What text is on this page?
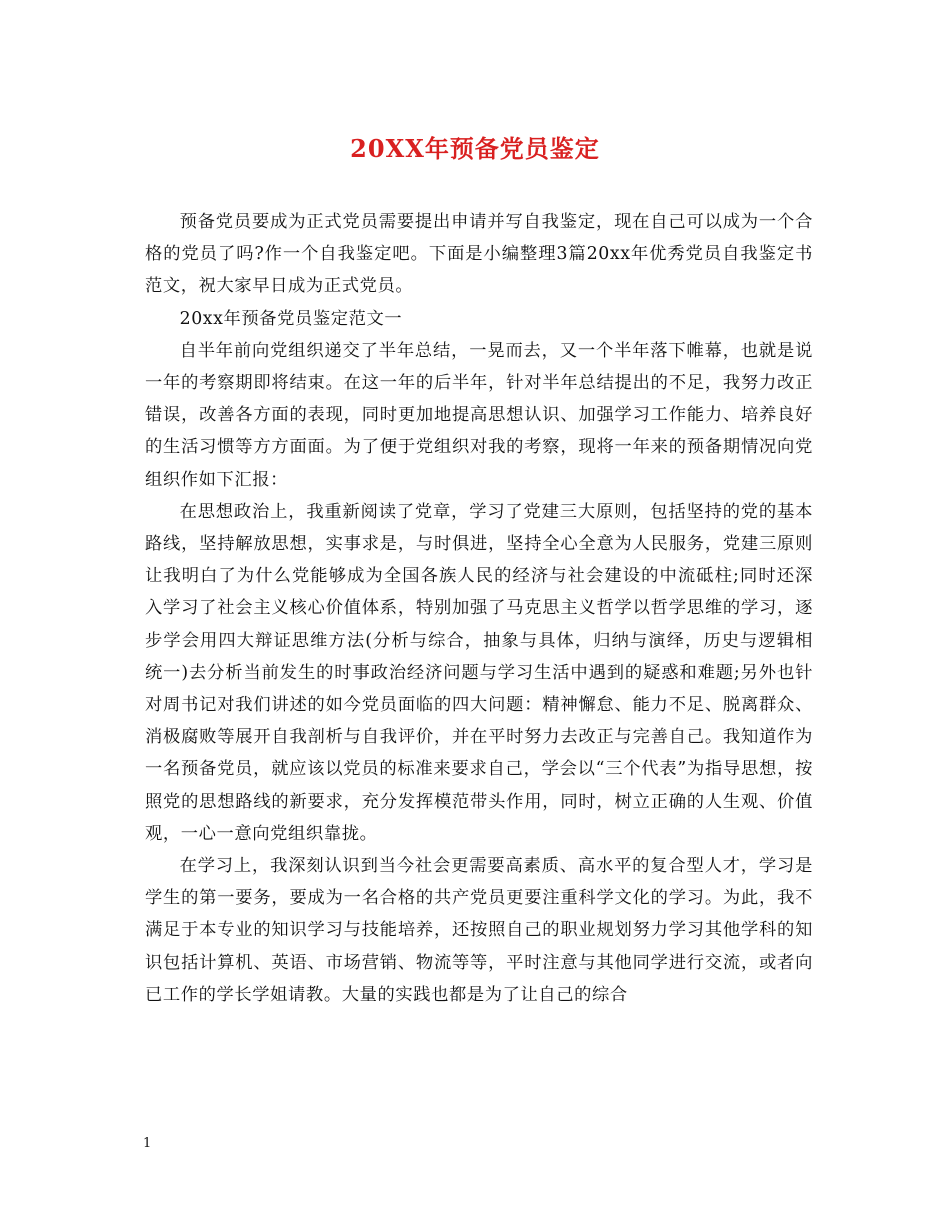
20XX年预备党员鉴定

预备党员要成为正式党员需要提出申请并写自我鉴定，现在自己可以成为一个合格的党员了吗?作一个自我鉴定吧。下面是小编整理3篇20xx年优秀党员自我鉴定书范文，祝大家早日成为正式党员。

20xx年预备党员鉴定范文一

自半年前向党组织递交了半年总结，一晃而去，又一个半年落下帷幕，也就是说一年的考察期即将结束。在这一年的后半年，针对半年总结提出的不足，我努力改正错误，改善各方面的表现，同时更加地提高思想认识、加强学习工作能力、培养良好的生活习惯等方方面面。为了便于党组织对我的考察，现将一年来的预备期情况向党组织作如下汇报：

在思想政治上，我重新阅读了党章，学习了党建三大原则，包括坚持的党的基本路线，坚持解放思想，实事求是，与时俱进，坚持全心全意为人民服务，党建三原则让我明白了为什么党能够成为全国各族人民的经济与社会建设的中流砥柱;同时还深入学习了社会主义核心价值体系，特别加强了马克思主义哲学以哲学思维的学习，逐步学会用四大辩证思维方法(分析与综合，抽象与具体，归纳与演绎，历史与逻辑相统一)去分析当前发生的时事政治经济问题与学习生活中遇到的疑惑和难题;另外也针对周书记对我们讲述的如今党员面临的四大问题：精神懈怠、能力不足、脱离群众、消极腐败等展开自我剖析与自我评价，并在平时努力去改正与完善自己。我知道作为一名预备党员，就应该以党员的标准来要求自己，学会以“三个代表”为指导思想，按照党的思想路线的新要求，充分发挥模范带头作用，同时，树立正确的人生观、价值观，一心一意向党组织靠拢。

在学习上，我深刻认识到当今社会更需要高素质、高水平的复合型人才，学习是学生的第一要务，要成为一名合格的共产党员更要注重科学文化的学习。为此，我不满足于本专业的知识学习与技能培养，还按照自己的职业规划努力学习其他学科的知识包括计算机、英语、市场营销、物流等等，平时注意与其他同学进行交流，或者向已工作的学长学姐请教。大量的实践也都是为了让自己的综合

1
